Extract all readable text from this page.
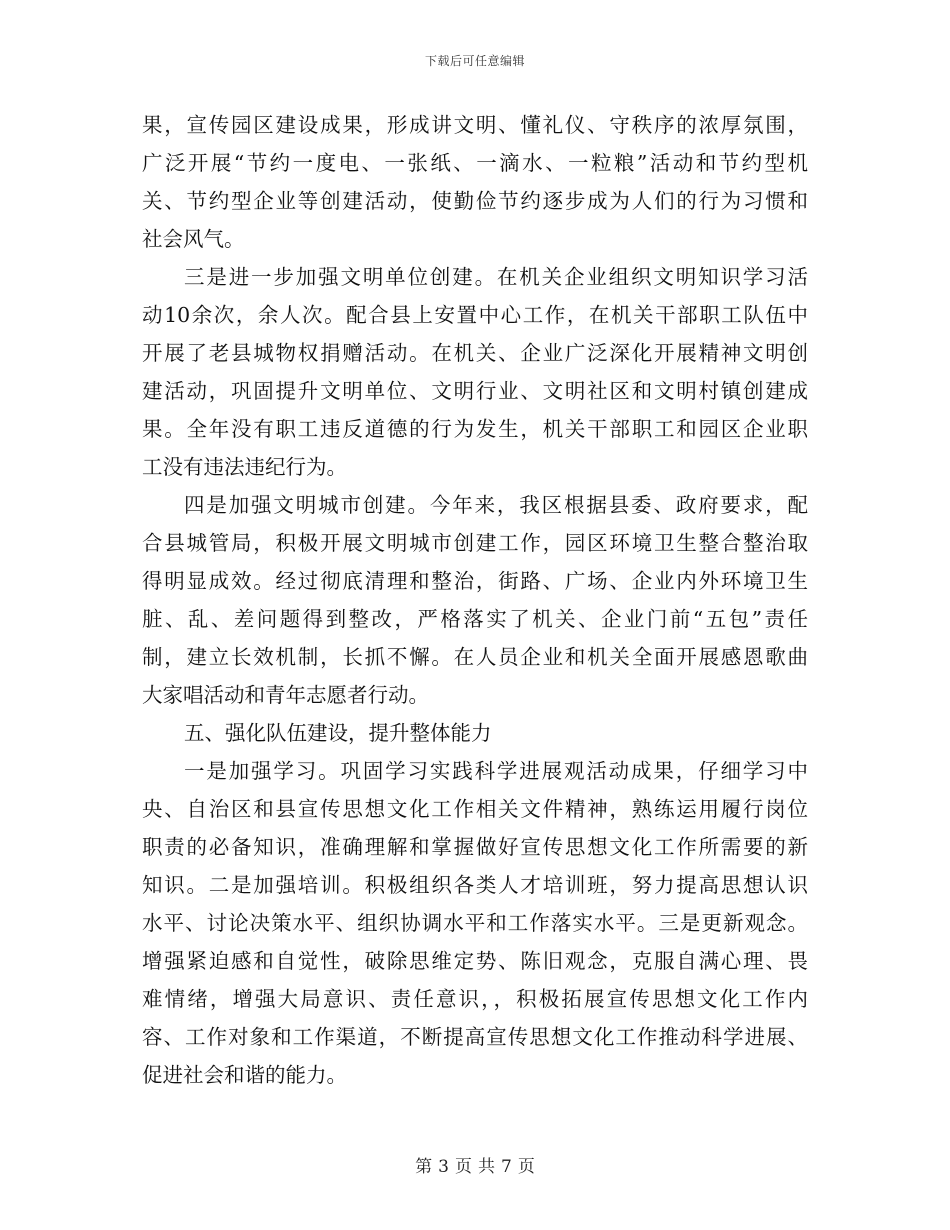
下载后可任意编辑
果，宣传园区建设成果，形成讲文明、懂礼仪、守秩序的浓厚氛围，
广泛开展“节约一度电、一张纸、一滴水、一粒粮”活动和节约型机
关、节约型企业等创建活动，使勤俭节约逐步成为人们的行为习惯和
社会风气。
三是进一步加强文明单位创建。在机关企业组织文明知识学习活
动10余次，余人次。配合县上安置中心工作，在机关干部职工队伍中
开展了老县城物权捐赠活动。在机关、企业广泛深化开展精神文明创
建活动，巩固提升文明单位、文明行业、文明社区和文明村镇创建成
果。全年没有职工违反道德的行为发生，机关干部职工和园区企业职
工没有违法违纪行为。
四是加强文明城市创建。今年来，我区根据县委、政府要求，配
合县城管局，积极开展文明城市创建工作，园区环境卫生整合整治取
得明显成效。经过彻底清理和整治，街路、广场、企业内外环境卫生
脏、乱、差问题得到整改，严格落实了机关、企业门前“五包”责任
制，建立长效机制，长抓不懈。在人员企业和机关全面开展感恩歌曲
大家唱活动和青年志愿者行动。
五、强化队伍建设，提升整体能力
一是加强学习。巩固学习实践科学进展观活动成果，仔细学习中
央、自治区和县宣传思想文化工作相关文件精神，熟练运用履行岗位
职责的必备知识，准确理解和掌握做好宣传思想文化工作所需要的新
知识。二是加强培训。积极组织各类人才培训班，努力提高思想认识
水平、讨论决策水平、组织协调水平和工作落实水平。三是更新观念。
增强紧迫感和自觉性，破除思维定势、陈旧观念，克服自满心理、畏
难情绪，增强大局意识、责任意识，，积极拓展宣传思想文化工作内
容、工作对象和工作渠道，不断提高宣传思想文化工作推动科学进展、
促进社会和谐的能力。
第 3 页 共 7 页
